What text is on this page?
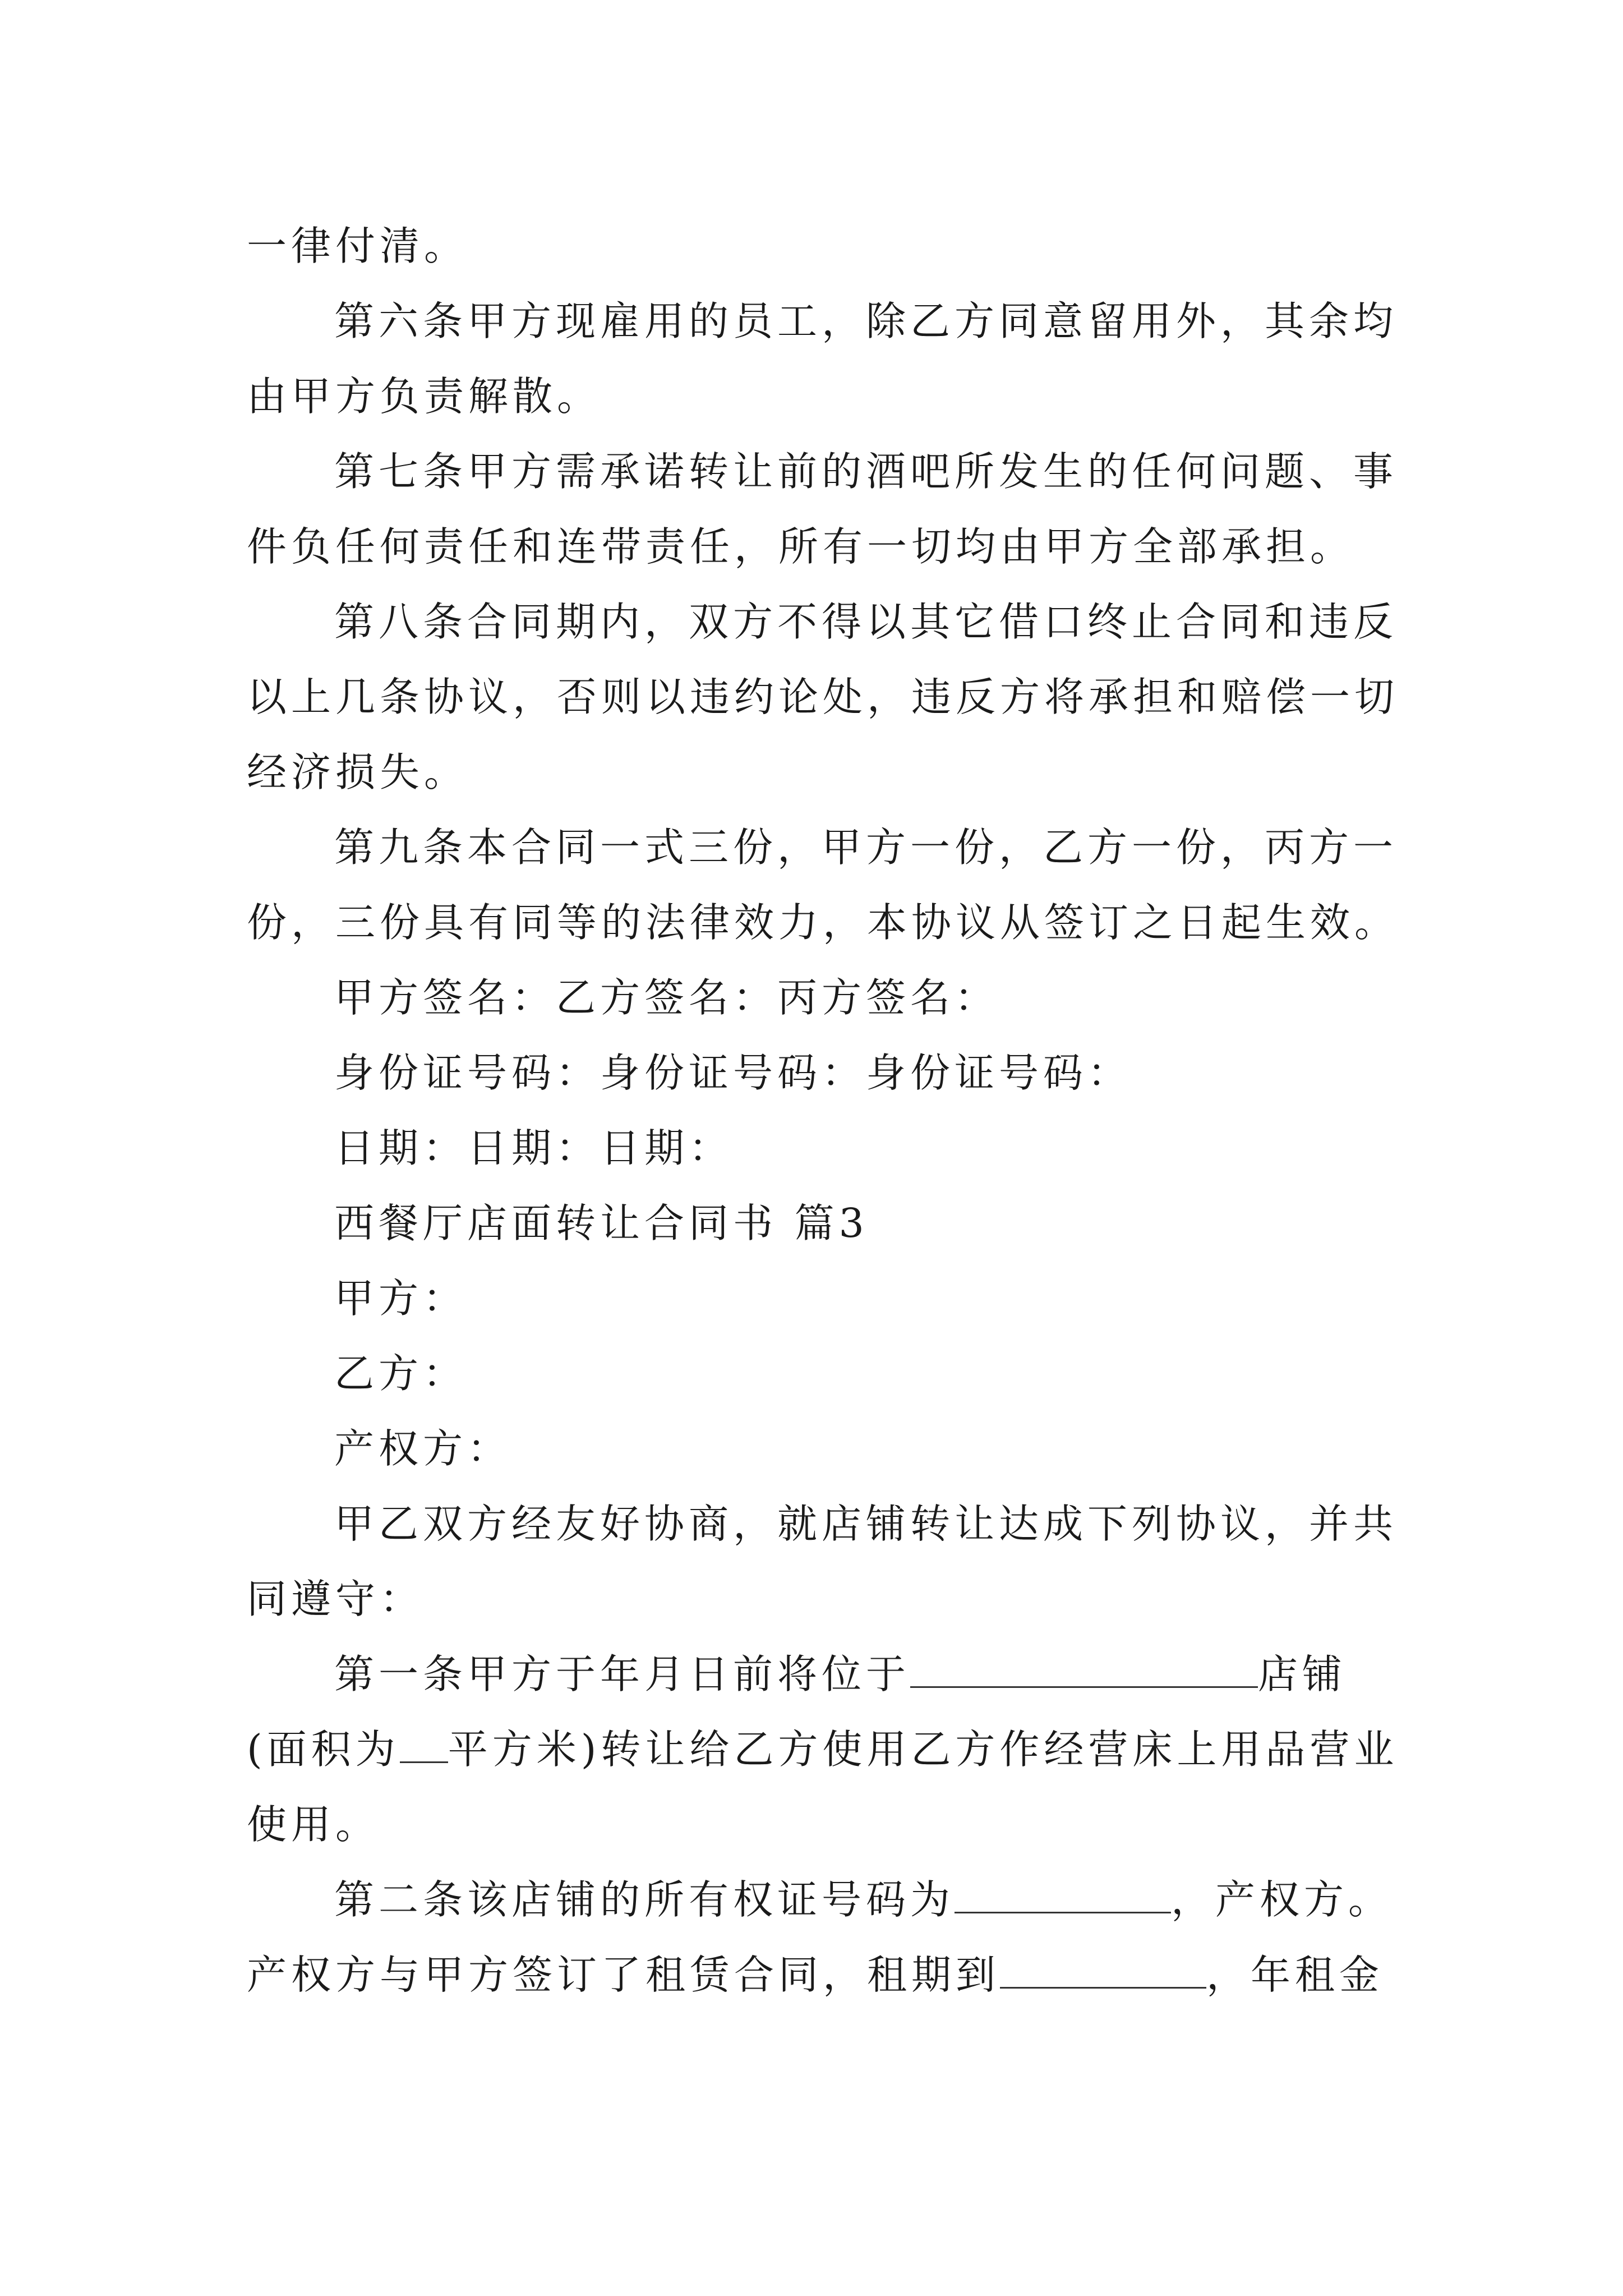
一律付清。

第六条甲方现雇用的员工，除乙方同意留用外，其余均

由甲方负责解散。

第七条甲方需承诺转让前的酒吧所发生的任何问题、事

件负任何责任和连带责任，所有一切均由甲方全部承担。

第八条合同期内，双方不得以其它借口终止合同和违反

以上几条协议，否则以违约论处，违反方将承担和赔偿一切

经济损失。

第九条本合同一式三份，甲方一份，乙方一份，丙方一

份，三份具有同等的法律效力，本协议从签订之日起生效。

甲方签名：乙方签名：丙方签名：

身份证号码：身份证号码：身份证号码：

日期：日期：日期：

西餐厅店面转让合同书 篇3

甲方：

乙方：

产权方：

甲乙双方经友好协商，就店铺转让达成下列协议，并共

同遵守：

第一条甲方于年月日前将位于	店铺

(面积为 平方米)转让给乙方使用乙方作经营床上用品营业

使用。

第二条该店铺的所有权证号码为	，产权方。

产权方与甲方签订了租赁合同，租期到	，年租金
